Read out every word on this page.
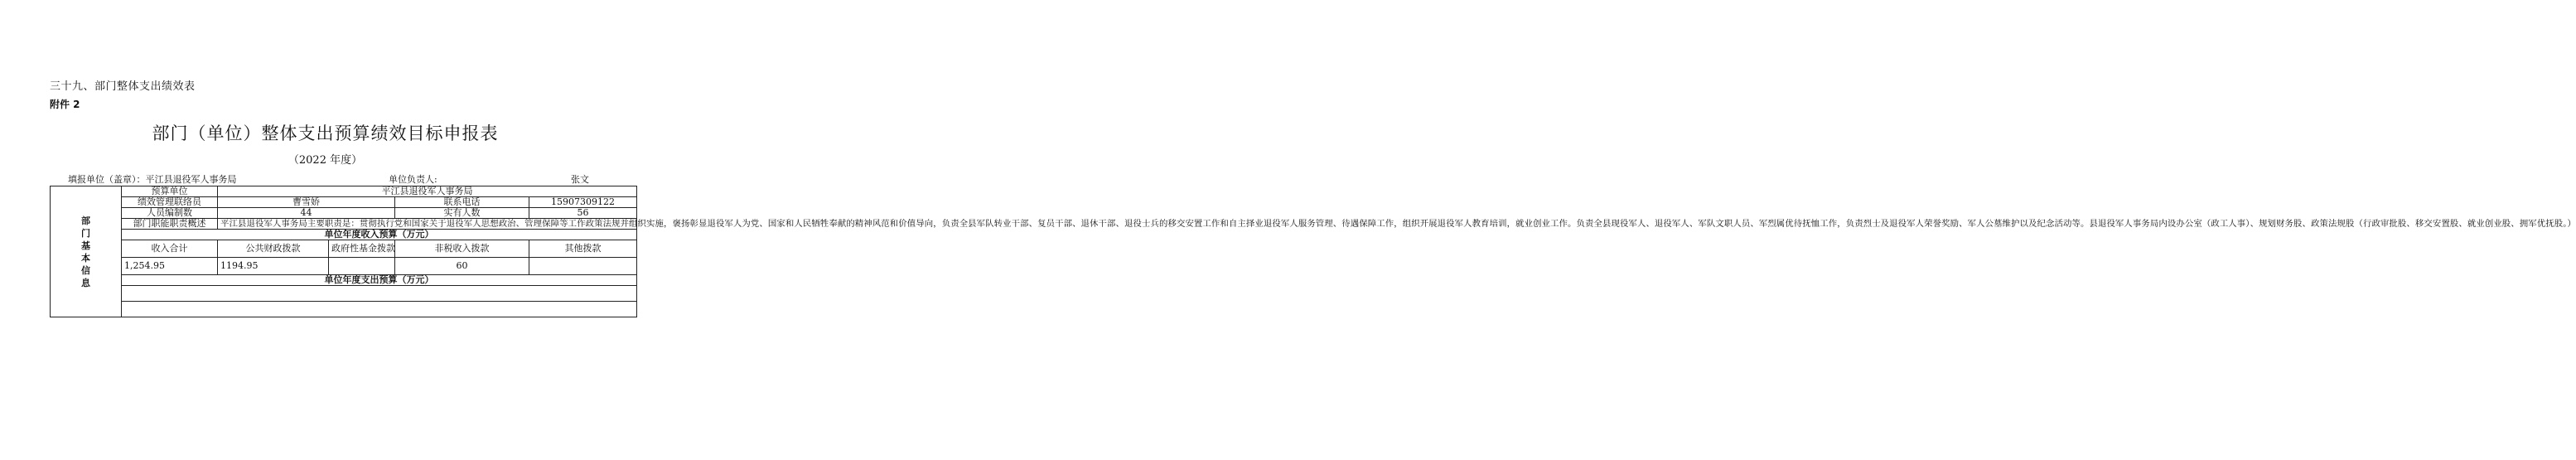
三十九、部门整体支出绩效表
附件 2
部门（单位）整体支出预算绩效目标申报表
（2022 年度）
填报单位（盖章）：平江县退役军人事务局	单位负责人:	张文
部门基本信息	预算单位	平江县退役军人事务局			
	绩效管理联络员	曹雪娇		联系电话	15907309122
	人员编制数	44		实有人数	56
	部门职能职责概述	平江县退役军人事务局主要职责是：贯彻执行党和国家关于退役军人思想政治、管理保障等工作政策法规并组织实施，褒扬彰显退役军人为党、国家和人民牺牲奉献的精神风范和价值导向，负责全县军队转业干部、复员干部、退休干部、退役士兵的移交安置工作和自主择业退役军人服务管理、待遇保障工作，组织开展退役军人教育培训，就业创业工作。负责全县现役军人、退役军人、军队文职人员、军烈属优待抚恤工作，负责烈士及退役军人荣誉奖励、军人公墓维护以及纪念活动等。县退役军人事务局内设办公室（政工人事）、规划财务股、政策法规股（行政审批股、移交安置股、就业创业股、拥军优抚股。）			
	单位年度收入预算（万元）				
	收入合计	公共财政拨款	政府性基金拨款	非税收入拨款	其他拨款
	1,254.95	1194.95		60	
	单位年度支出预算（万元）				
